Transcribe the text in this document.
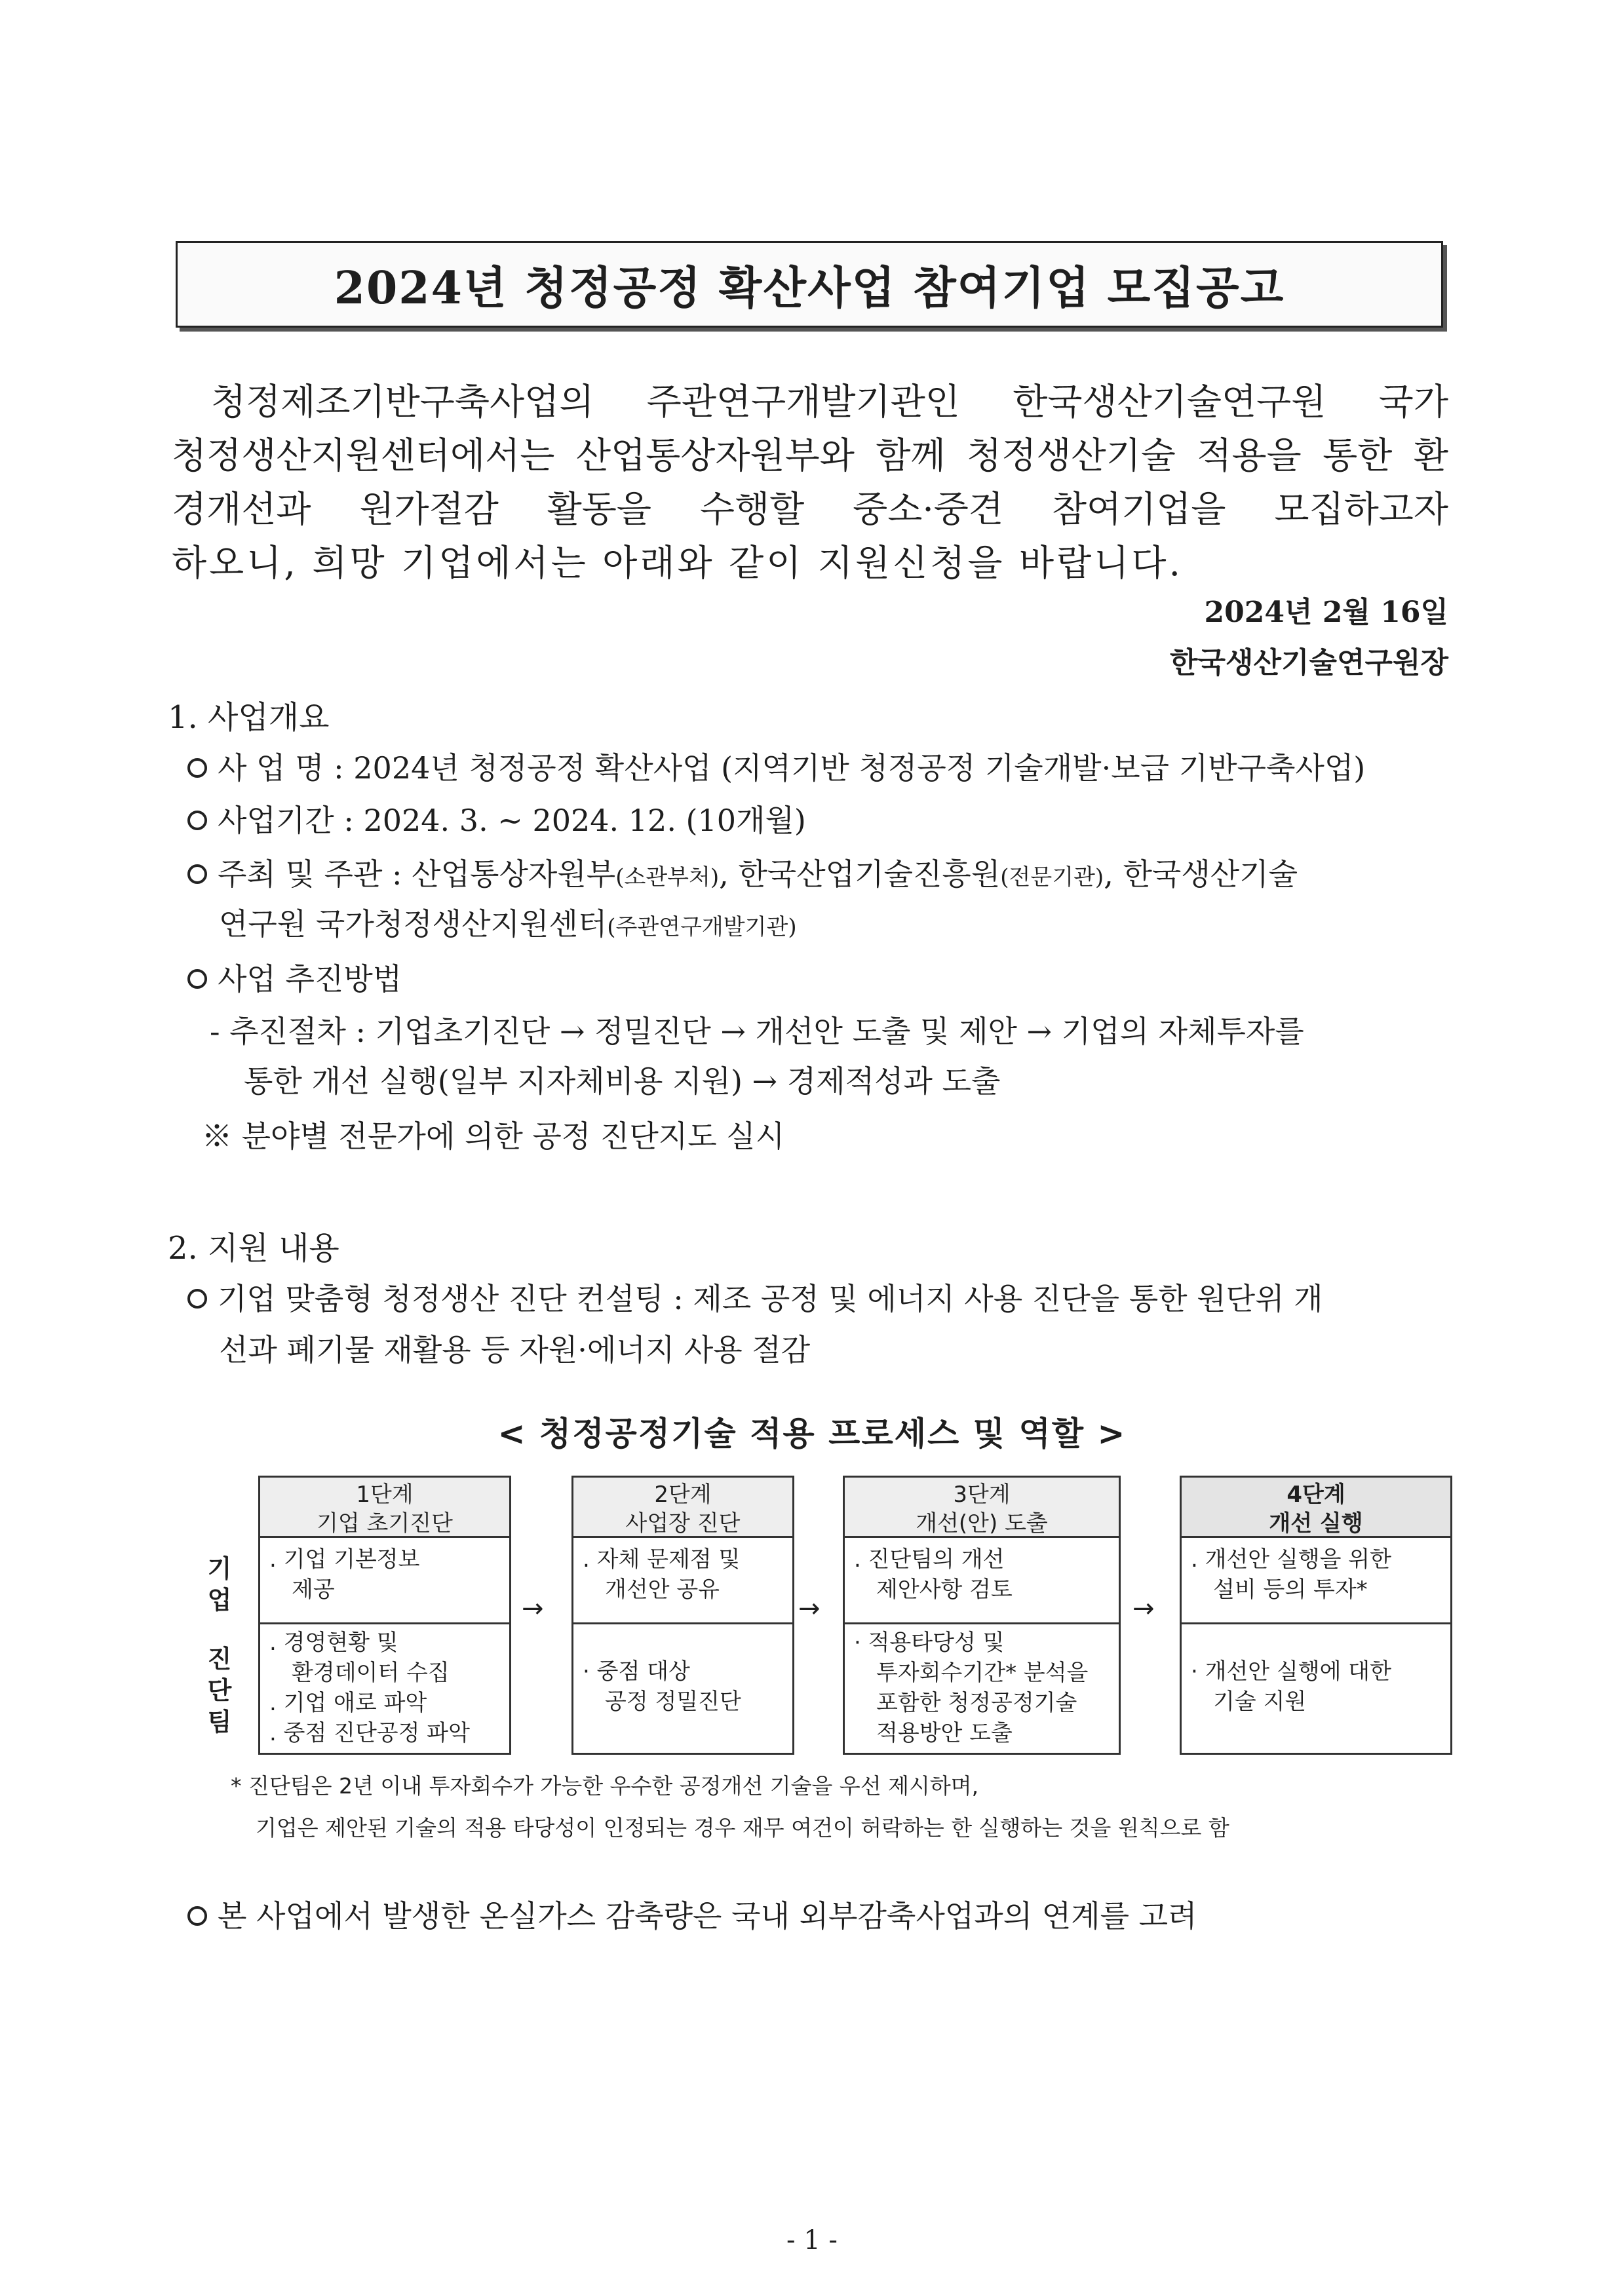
2024년 청정공정 확산사업 참여기업 모집공고
청정제조기반구축사업의 주관연구개발기관인 한국생산기술연구원 국가
청정생산지원센터에서는 산업통상자원부와 함께 청정생산기술 적용을 통한 환
경개선과 원가절감 활동을 수행할 중소·중견 참여기업을 모집하고자
하오니, 희망 기업에서는 아래와 같이 지원신청을 바랍니다.
2024년 2월 16일
한국생산기술연구원장
1. 사업개요
사 업 명 : 2024년 청정공정 확산사업 (지역기반 청정공정 기술개발·보급 기반구축사업)
사업기간 : 2024. 3. ~ 2024. 12. (10개월)
주최 및 주관 : 산업통상자원부(소관부처), 한국산업기술진흥원(전문기관), 한국생산기술
연구원 국가청정생산지원센터(주관연구개발기관)
사업 추진방법
- 추진절차 : 기업초기진단 → 정밀진단 → 개선안 도출 및 제안 → 기업의 자체투자를
통한 개선 실행(일부 지자체비용 지원) → 경제적성과 도출
※ 분야별 전문가에 의한 공정 진단지도 실시
2. 지원 내용
기업 맞춤형 청정생산 진단 컨설팅 : 제조 공정 및 에너지 사용 진단을 통한 원단위 개
선과 폐기물 재활용 등 자원·에너지 사용 절감
< 청정공정기술 적용 프로세스 및 역할 >
기업
진단팀
1단계
기업 초기진단
. 기업 기본정보
제공
. 경영현황 및
환경데이터 수집
. 기업 애로 파악
. 중점 진단공정 파악
→
2단계
사업장 진단
. 자체 문제점 및
개선안 공유
· 중점 대상
공정 정밀진단
→
3단계
개선(안) 도출
. 진단팀의 개선
제안사항 검토
· 적용타당성 및
투자회수기간* 분석을
포함한 청정공정기술
적용방안 도출
→
4단계
개선 실행
. 개선안 실행을 위한
설비 등의 투자*
· 개선안 실행에 대한
기술 지원
* 진단팀은 2년 이내 투자회수가 가능한 우수한 공정개선 기술을 우선 제시하며,
기업은 제안된 기술의 적용 타당성이 인정되는 경우 재무 여건이 허락하는 한 실행하는 것을 원칙으로 함
본 사업에서 발생한 온실가스 감축량은 국내 외부감축사업과의 연계를 고려
- 1 -
